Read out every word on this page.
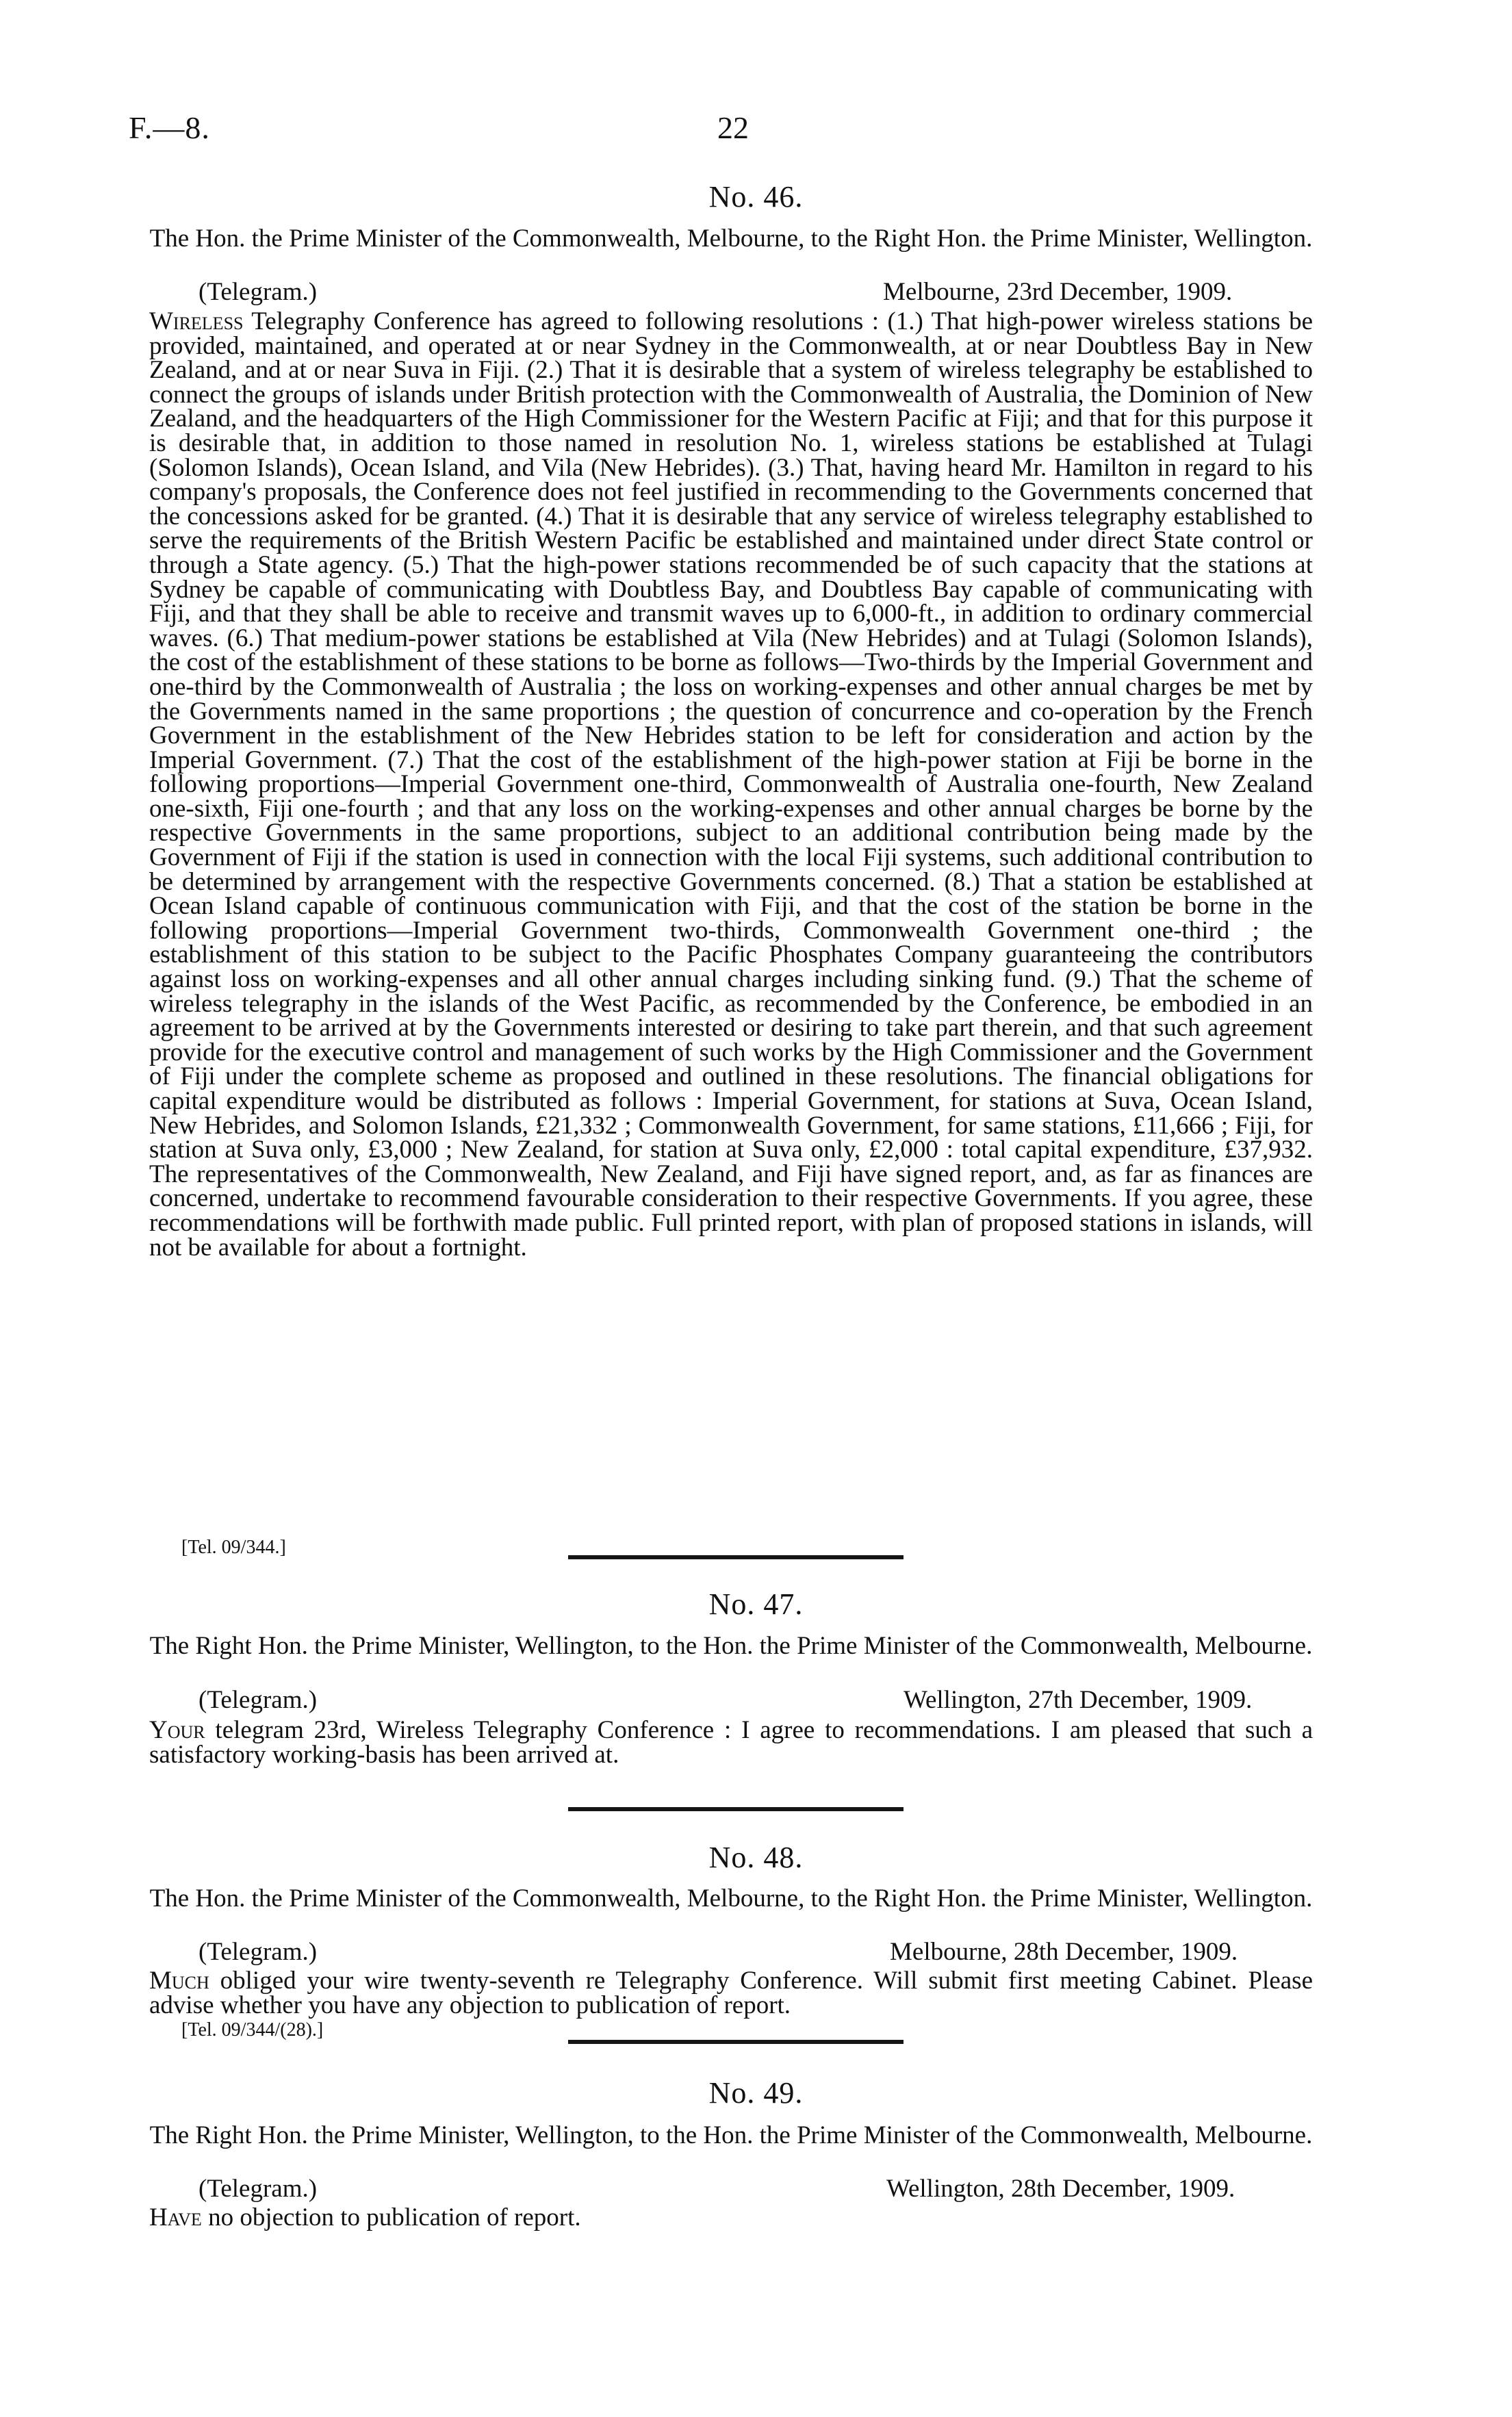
F.—8.	22
No. 46.
The Hon. the Prime Minister of the Commonwealth, Melbourne, to the Right Hon. the Prime Minister, Wellington.
(Telegram.)	Melbourne, 23rd December, 1909.
Wireless Telegraphy Conference has agreed to following resolutions : (1.) That high-power wireless stations be provided, maintained, and operated at or near Sydney in the Commonwealth, at or near Doubtless Bay in New Zealand, and at or near Suva in Fiji. (2.) That it is desirable that a system of wireless telegraphy be established to connect the groups of islands under British protection with the Commonwealth of Australia, the Dominion of New Zealand, and the headquarters of the High Commissioner for the Western Pacific at Fiji; and that for this purpose it is desirable that, in addition to those named in resolution No. 1, wireless stations be established at Tulagi (Solomon Islands), Ocean Island, and Vila (New Hebrides). (3.) That, having heard Mr. Hamilton in regard to his company's proposals, the Conference does not feel justified in recommending to the Governments concerned that the concessions asked for be granted. (4.) That it is desirable that any service of wireless telegraphy established to serve the requirements of the British Western Pacific be established and maintained under direct State control or through a State agency. (5.) That the high-power stations recommended be of such capacity that the stations at Sydney be capable of communicating with Doubtless Bay, and Doubtless Bay capable of communicating with Fiji, and that they shall be able to receive and transmit waves up to 6,000-ft., in addition to ordinary commercial waves. (6.) That medium-power stations be established at Vila (New Hebrides) and at Tulagi (Solomon Islands), the cost of the establishment of these stations to be borne as follows—Two-thirds by the Imperial Government and one-third by the Commonwealth of Australia ; the loss on working-expenses and other annual charges be met by the Governments named in the same proportions ; the question of concurrence and co-operation by the French Government in the establishment of the New Hebrides station to be left for consideration and action by the Imperial Government. (7.) That the cost of the establishment of the high-power station at Fiji be borne in the following proportions—Imperial Government one-third, Commonwealth of Australia one-fourth, New Zealand one-sixth, Fiji one-fourth ; and that any loss on the working-expenses and other annual charges be borne by the respective Governments in the same proportions, subject to an additional contribution being made by the Government of Fiji if the station is used in connection with the local Fiji systems, such additional contribution to be determined by arrangement with the respective Governments concerned. (8.) That a station be established at Ocean Island capable of continuous communication with Fiji, and that the cost of the station be borne in the following proportions—Imperial Government two-thirds, Commonwealth Government one-third ; the establishment of this station to be subject to the Pacific Phosphates Company guaranteeing the contributors against loss on working-expenses and all other annual charges including sinking fund. (9.) That the scheme of wireless telegraphy in the islands of the West Pacific, as recommended by the Conference, be embodied in an agreement to be arrived at by the Governments interested or desiring to take part therein, and that such agreement provide for the executive control and management of such works by the High Commissioner and the Government of Fiji under the complete scheme as proposed and outlined in these resolutions. The financial obligations for capital expenditure would be distributed as follows : Imperial Government, for stations at Suva, Ocean Island, New Hebrides, and Solomon Islands, £21,332 ; Commonwealth Government, for same stations, £11,666 ; Fiji, for station at Suva only, £3,000 ; New Zealand, for station at Suva only, £2,000 : total capital expenditure, £37,932. The representatives of the Commonwealth, New Zealand, and Fiji have signed report, and, as far as finances are concerned, undertake to recommend favourable consideration to their respective Governments. If you agree, these recommendations will be forthwith made public. Full printed report, with plan of proposed stations in islands, will not be available for about a fortnight.
[Tel. 09/344.]
No. 47.
The Right Hon. the Prime Minister, Wellington, to the Hon. the Prime Minister of the Commonwealth, Melbourne.
(Telegram.)	Wellington, 27th December, 1909.
Your telegram 23rd, Wireless Telegraphy Conference : I agree to recommendations. I am pleased that such a satisfactory working-basis has been arrived at.
No. 48.
The Hon. the Prime Minister of the Commonwealth, Melbourne, to the Right Hon. the Prime Minister, Wellington.
(Telegram.)	Melbourne, 28th December, 1909.
Much obliged your wire twenty-seventh re Telegraphy Conference. Will submit first meeting Cabinet. Please advise whether you have any objection to publication of report.
[Tel. 09/344/(28).]
No. 49.
The Right Hon. the Prime Minister, Wellington, to the Hon. the Prime Minister of the Commonwealth, Melbourne.
(Telegram.)	Wellington, 28th December, 1909.
Have no objection to publication of report.
